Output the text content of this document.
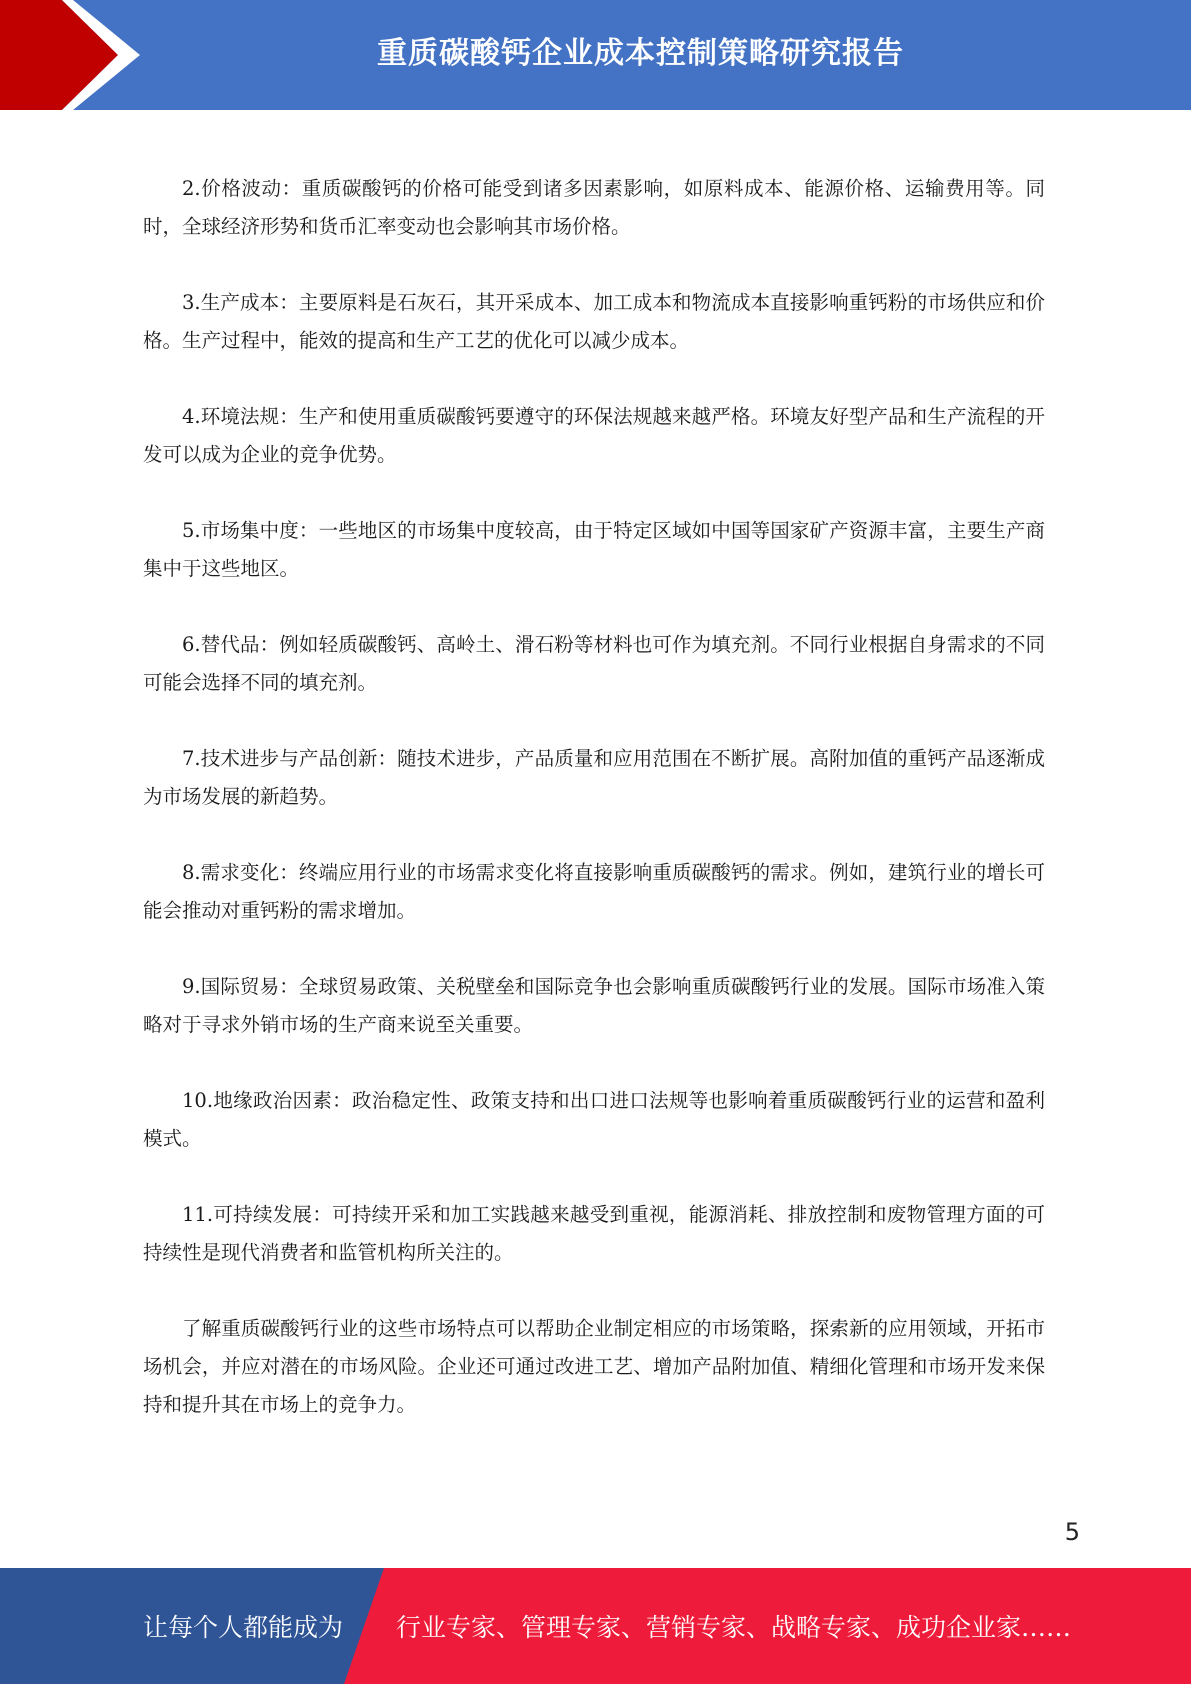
重质碳酸钙企业成本控制策略研究报告

2.价格波动：重质碳酸钙的价格可能受到诸多因素影响，如原料成本、能源价格、运输费用等。同时，全球经济形势和货币汇率变动也会影响其市场价格。

3.生产成本：主要原料是石灰石，其开采成本、加工成本和物流成本直接影响重钙粉的市场供应和价格。生产过程中，能效的提高和生产工艺的优化可以减少成本。

4.环境法规：生产和使用重质碳酸钙要遵守的环保法规越来越严格。环境友好型产品和生产流程的开发可以成为企业的竞争优势。

5.市场集中度：一些地区的市场集中度较高，由于特定区域如中国等国家矿产资源丰富，主要生产商集中于这些地区。

6.替代品：例如轻质碳酸钙、高岭土、滑石粉等材料也可作为填充剂。不同行业根据自身需求的不同可能会选择不同的填充剂。

7.技术进步与产品创新：随技术进步，产品质量和应用范围在不断扩展。高附加值的重钙产品逐渐成为市场发展的新趋势。

8.需求变化：终端应用行业的市场需求变化将直接影响重质碳酸钙的需求。例如，建筑行业的增长可能会推动对重钙粉的需求增加。

9.国际贸易：全球贸易政策、关税壁垒和国际竞争也会影响重质碳酸钙行业的发展。国际市场准入策略对于寻求外销市场的生产商来说至关重要。

10.地缘政治因素：政治稳定性、政策支持和出口进口法规等也影响着重质碳酸钙行业的运营和盈利模式。

11.可持续发展：可持续开采和加工实践越来越受到重视，能源消耗、排放控制和废物管理方面的可持续性是现代消费者和监管机构所关注的。

了解重质碳酸钙行业的这些市场特点可以帮助企业制定相应的市场策略，探索新的应用领域，开拓市场机会，并应对潜在的市场风险。企业还可通过改进工艺、增加产品附加值、精细化管理和市场开发来保持和提升其在市场上的竞争力。

5
让每个人都能成为 行业专家、管理专家、营销专家、战略专家、成功企业家……
